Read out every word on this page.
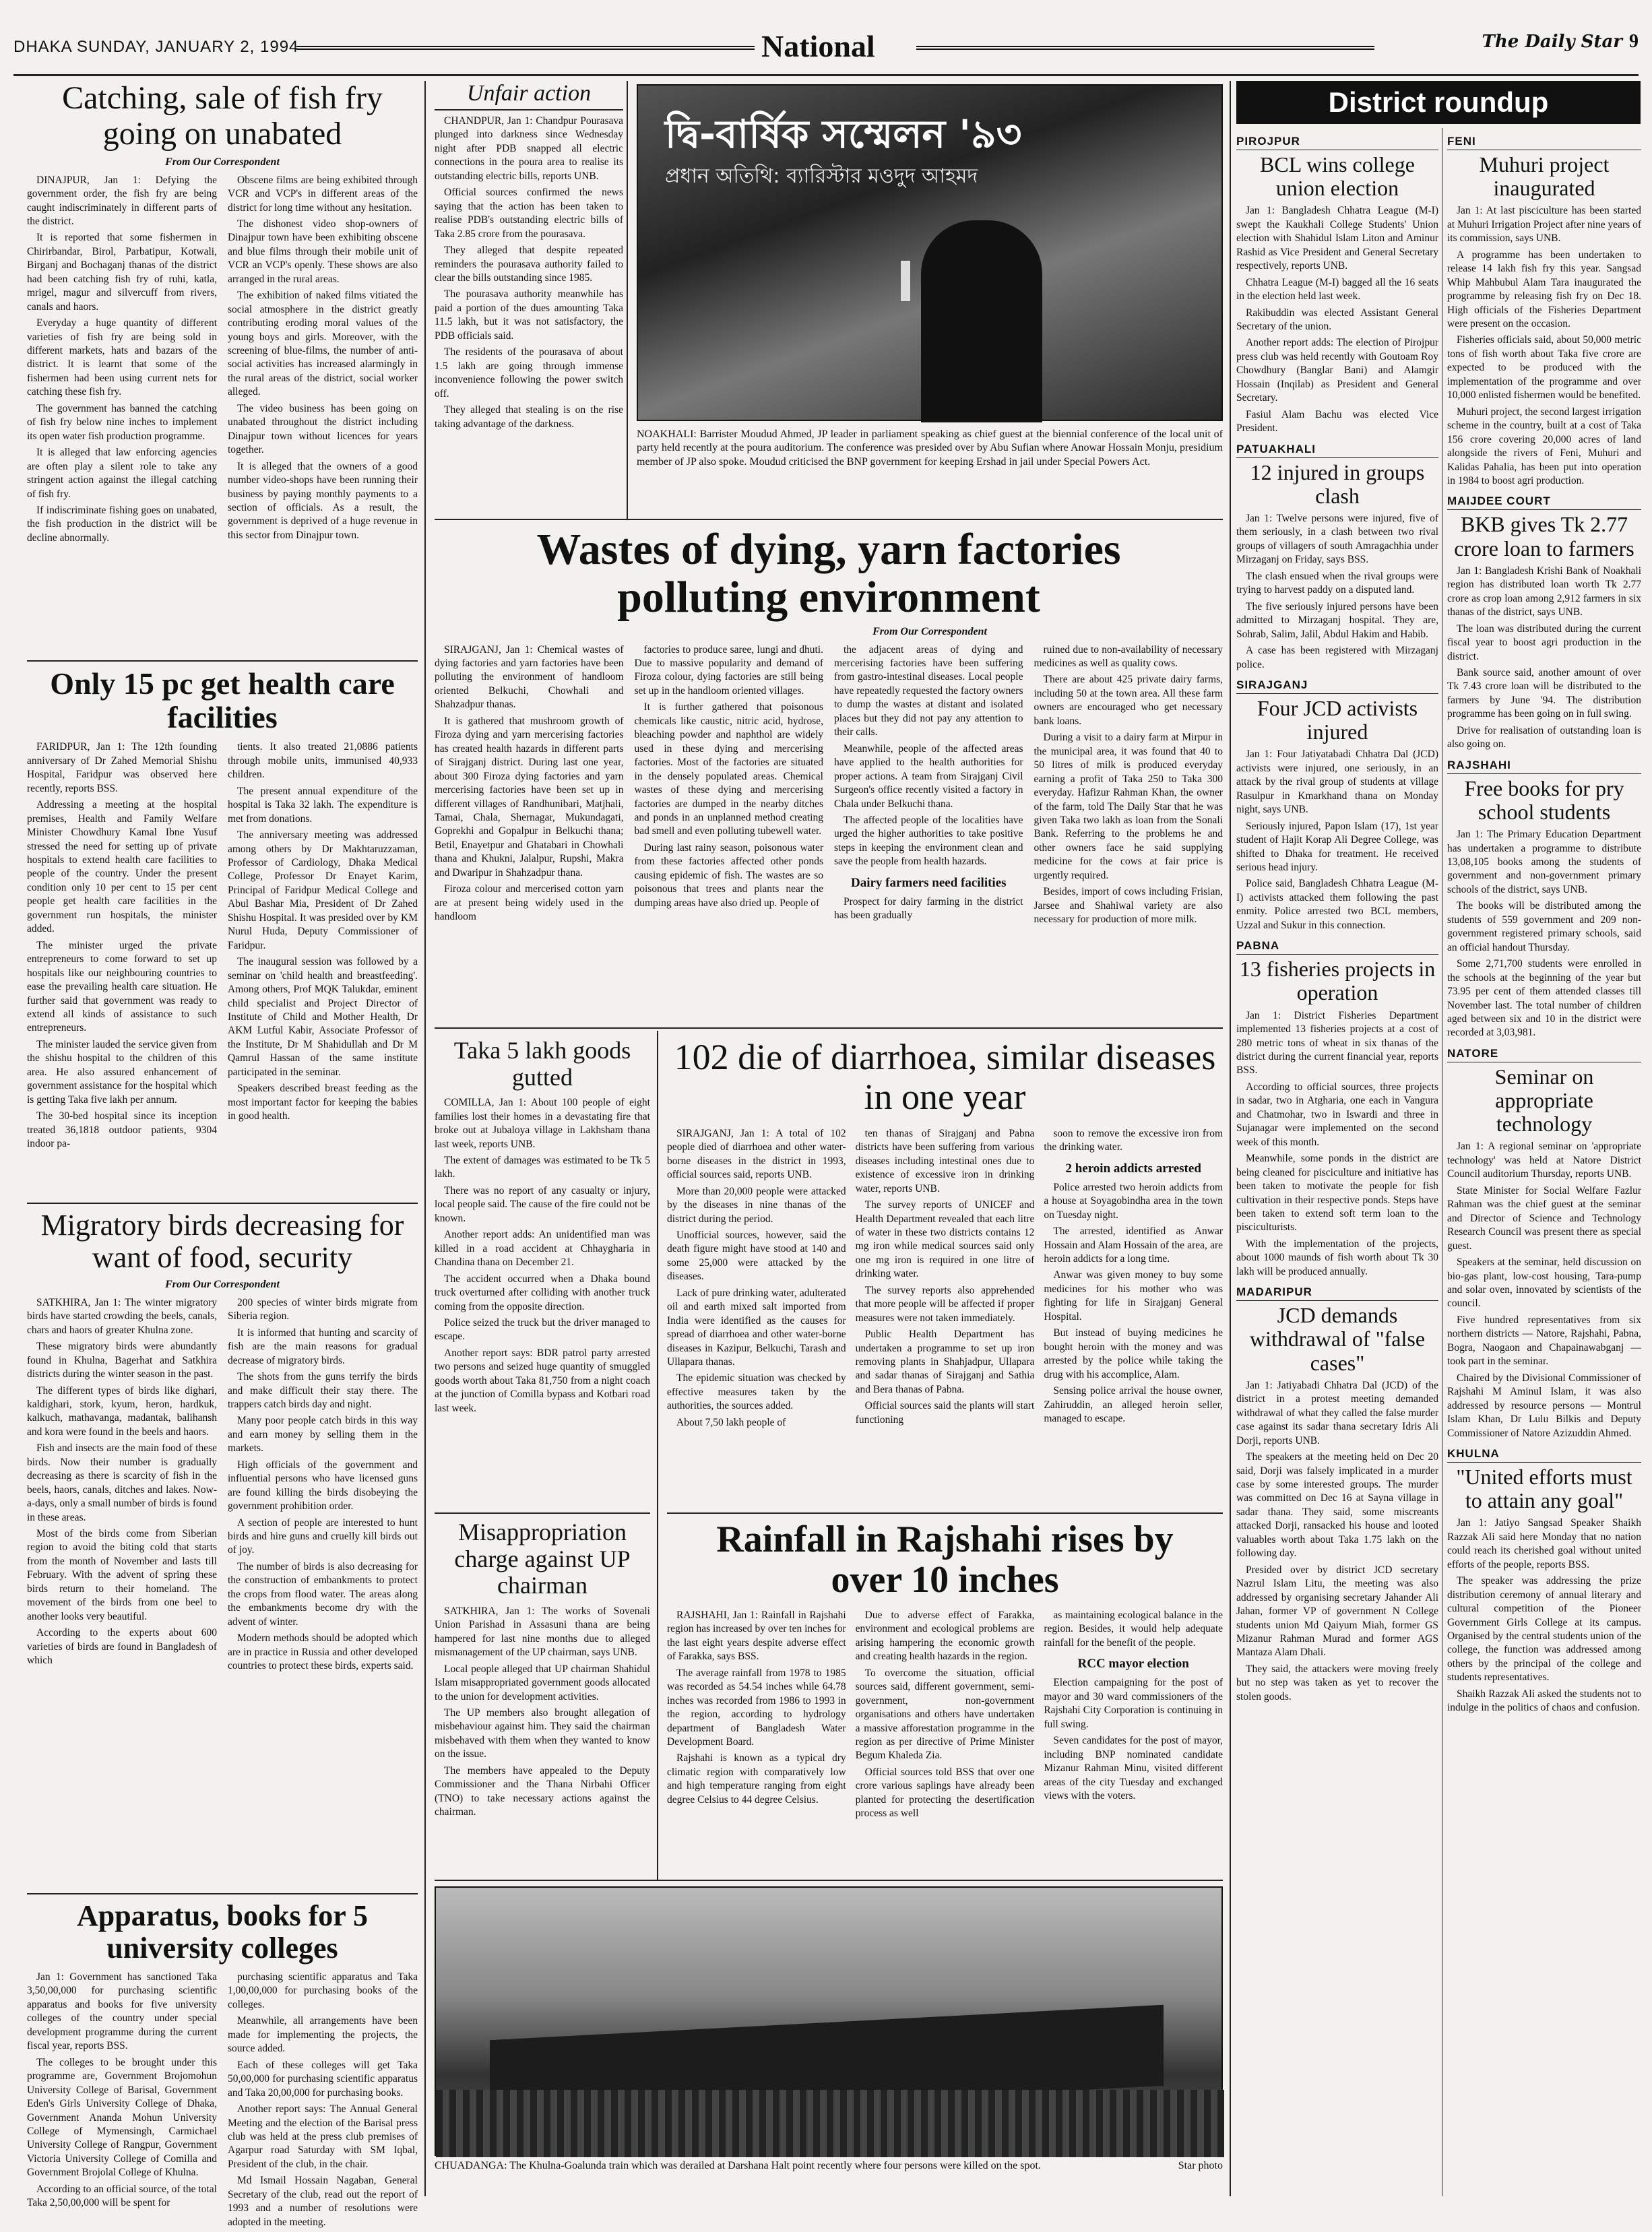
DHAKA SUNDAY, JANUARY 2, 1994	National	The Daily Star 9
Catching, sale of fish fry going on unabated
From Our Correspondent

DINAJPUR, Jan 1: Defying the government order, the fish fry are being caught indiscriminately in different parts of the district.

It is reported that some fishermen in Chirirbandar, Birol, Parbatipur, Kotwali, Birganj and Bochaganj thanas of the district had been catching fish fry of ruhi, katla, mrigel, magur and silvercuff from rivers, canals and haors.

Everyday a huge quantity of different varieties of fish fry are being sold in different markets, hats and bazars of the district. It is learnt that some of the fishermen had been using current nets for catching these fish fry.

The government has banned the catching of fish fry below nine inches to implement its open water fish production programme.

It is alleged that law enforcing agencies are often play a silent role to take any stringent action against the illegal catching of fish fry.

If indiscriminate fishing goes on unabated, the fish production in the district will be decline abnormally.

Obscene films are being exhibited through VCR and VCP's in different areas of the district for long time without any hesitation.

The dishonest video shop-owners of Dinajpur town have been exhibiting obscene and blue films through their mobile unit of VCR an VCP's openly. These shows are also arranged in the rural areas.

The exhibition of naked films vitiated the social atmosphere in the district greatly contributing eroding moral values of the young boys and girls. Moreover, with the screening of blue-films, the number of anti-social activities has increased alarmingly in the rural areas of the district, social worker alleged.

The video business has been going on unabated throughout the district including Dinajpur town without licences for years together.

It is alleged that the owners of a good number video-shops have been running their business by paying monthly payments to a section of officials. As a result, the government is deprived of a huge revenue in this sector from Dinajpur town.

Only 15 pc get health care facilities

FARIDPUR, Jan 1: The 12th founding anniversary of Dr Zahed Memorial Shishu Hospital, Faridpur was observed here recently, reports BSS.

Addressing a meeting at the hospital premises, Health and Family Welfare Minister Chowdhury Kamal Ibne Yusuf stressed the need for setting up of private hospitals to extend health care facilities to people of the country. Under the present condition only 10 per cent to 15 per cent people get health care facilities in the government run hospitals, the minister added.

The minister urged the private entrepreneurs to come forward to set up hospitals like our neighbouring countries to ease the prevailing health care situation. He further said that government was ready to extend all kinds of assistance to such entrepreneurs.

The minister lauded the service given from the shishu hospital to the children of this area. He also assured enhancement of government assistance for the hospital which is getting Taka five lakh per annum.

The 30-bed hospital since its inception treated 36,1818 outdoor patients, 9304 indoor pa-

tients. It also treated 21,0886 patients through mobile units, immunised 40,933 children.

The present annual expenditure of the hospital is Taka 32 lakh. The expenditure is met from donations.

The anniversary meeting was addressed among others by Dr Makhtaruzzaman, Professor of Cardiology, Dhaka Medical College, Professor Dr Enayet Karim, Principal of Faridpur Medical College and Abul Bashar Mia, President of Dr Zahed Shishu Hospital. It was presided over by KM Nurul Huda, Deputy Commissioner of Faridpur.

The inaugural session was followed by a seminar on 'child health and breastfeeding'. Among others, Prof MQK Talukdar, eminent child specialist and Project Director of Institute of Child and Mother Health, Dr AKM Lutful Kabir, Associate Professor of the Institute, Dr M Shahidullah and Dr M Qamrul Hassan of the same institute participated in the seminar.

Speakers described breast feeding as the most important factor for keeping the babies in good health.

Migratory birds decreasing for want of food, security
From Our Correspondent

SATKHIRA, Jan 1: The winter migratory birds have started crowding the beels, canals, chars and haors of greater Khulna zone.

These migratory birds were abundantly found in Khulna, Bagerhat and Satkhira districts during the winter season in the past.

The different types of birds like dighari, kaldighari, stork, kyum, heron, hardkuk, kalkuch, mathavanga, madantak, balihansh and kora were found in the beels and haors.

Fish and insects are the main food of these birds. Now their number is gradually decreasing as there is scarcity of fish in the beels, haors, canals, ditches and lakes. Now-a-days, only a small number of birds is found in these areas.

Most of the birds come from Siberian region to avoid the biting cold that starts from the month of November and lasts till February. With the advent of spring these birds return to their homeland. The movement of the birds from one beel to another looks very beautiful.

According to the experts about 600 varieties of birds are found in Bangladesh of which

200 species of winter birds migrate from Siberia region.

It is informed that hunting and scarcity of fish are the main reasons for gradual decrease of migratory birds.

The shots from the guns terrify the birds and make difficult their stay there. The trappers catch birds day and night.

Many poor people catch birds in this way and earn money by selling them in the markets.

High officials of the government and influential persons who have licensed guns are found killing the birds disobeying the government prohibition order.

A section of people are interested to hunt birds and hire guns and cruelly kill birds out of joy.

The number of birds is also decreasing for the construction of embankments to protect the crops from flood water. The areas along the embankments become dry with the advent of winter.

Modern methods should be adopted which are in practice in Russia and other developed countries to protect these birds, experts said.

Apparatus, books for 5 university colleges

Jan 1: Government has sanctioned Taka 3,50,00,000 for purchasing scientific apparatus and books for five university colleges of the country under special development programme during the current fiscal year, reports BSS.

The colleges to be brought under this programme are, Government Brojomohun University College of Barisal, Government Eden's Girls University College of Dhaka, Government Ananda Mohun University College of Mymensingh, Carmichael University College of Rangpur, Government Victoria University College of Comilla and Government Brojolal College of Khulna.

According to an official source, of the total Taka 2,50,00,000 will be spent for

purchasing scientific apparatus and Taka 1,00,00,000 for purchasing books of the colleges.

Meanwhile, all arrangements have been made for implementing the projects, the source added.

Each of these colleges will get Taka 50,00,000 for purchasing scientific apparatus and Taka 20,00,000 for purchasing books.

Another report says: The Annual General Meeting and the election of the Barisal press club was held at the press club premises of Agarpur road Saturday with SM Iqbal, President of the club, in the chair.

Md Ismail Hossain Nagaban, General Secretary of the club, read out the report of 1993 and a number of resolutions were adopted in the meeting.

Unfair action

CHANDPUR, Jan 1: Chandpur Pourasava plunged into darkness since Wednesday night after PDB snapped all electric connections in the poura area to realise its outstanding electric bills, reports UNB.

Official sources confirmed the news saying that the action has been taken to realise PDB's outstanding electric bills of Taka 2.85 crore from the pourasava.

They alleged that despite repeated reminders the pourasava authority failed to clear the bills outstanding since 1985.

The pourasava authority meanwhile has paid a portion of the dues amounting Taka 11.5 lakh, but it was not satisfactory, the PDB officials said.

The residents of the pourasava of about 1.5 lakh are going through immense inconvenience following the power switch off.

They alleged that stealing is on the rise taking advantage of the darkness.

দ্বি-বার্ষিক সম্মেলন '৯৩
প্রধান অতিথি: ব্যারিস্টার মওদুদ আহমদ
NOAKHALI: Barrister Moudud Ahmed, JP leader in parliament speaking as chief guest at the biennial conference of the local unit of party held recently at the poura auditorium. The conference was presided over by Abu Sufian where Anowar Hossain Monju, presidium member of JP also spoke. Moudud criticised the BNP government for keeping Ershad in jail under Special Powers Act.
Wastes of dying, yarn factories polluting environment
From Our Correspondent

SIRAJGANJ, Jan 1: Chemical wastes of dying factories and yarn factories have been polluting the environment of handloom oriented Belkuchi, Chowhali and Shahzadpur thanas.

It is gathered that mushroom growth of Firoza dying and yarn mercerising factories has created health hazards in different parts of Sirajganj district. During last one year, about 300 Firoza dying factories and yarn mercerising factories have been set up in different villages of Randhunibari, Matjhali, Tamai, Chala, Shernagar, Mukundagati, Goprekhi and Gopalpur in Belkuchi thana; Betil, Enayetpur and Ghatabari in Chowhali thana and Khukni, Jalalpur, Rupshi, Makra and Dwaripur in Shahzadpur thana.

Firoza colour and mercerised cotton yarn are at present being widely used in the handloom

factories to produce saree, lungi and dhuti. Due to massive popularity and demand of Firoza colour, dying factories are still being set up in the handloom oriented villages.

It is further gathered that poisonous chemicals like caustic, nitric acid, hydrose, bleaching powder and naphthol are widely used in these dying and mercerising factories. Most of the factories are situated in the densely populated areas. Chemical wastes of these dying and mercerising factories are dumped in the nearby ditches and ponds in an unplanned method creating bad smell and even polluting tubewell water.

During last rainy season, poisonous water from these factories affected other ponds causing epidemic of fish. The wastes are so poisonous that trees and plants near the dumping areas have also dried up. People of

the adjacent areas of dying and mercerising factories have been suffering from gastro-intestinal diseases. Local people have repeatedly requested the factory owners to dump the wastes at distant and isolated places but they did not pay any attention to their calls.

Meanwhile, people of the affected areas have applied to the health authorities for proper actions. A team from Sirajganj Civil Surgeon's office recently visited a factory in Chala under Belkuchi thana.

The affected people of the localities have urged the higher authorities to take positive steps in keeping the environment clean and save the people from health hazards.

Dairy farmers need facilities

Prospect for dairy farming in the district has been gradually

ruined due to non-availability of necessary medicines as well as quality cows.

There are about 425 private dairy farms, including 50 at the town area. All these farm owners are encouraged who get necessary bank loans.

During a visit to a dairy farm at Mirpur in the municipal area, it was found that 40 to 50 litres of milk is produced everyday earning a profit of Taka 250 to Taka 300 everyday. Hafizur Rahman Khan, the owner of the farm, told The Daily Star that he was given Taka two lakh as loan from the Sonali Bank. Referring to the problems he and other owners face he said supplying medicine for the cows at fair price is urgently required.

Besides, import of cows including Frisian, Jarsee and Shahiwal variety are also necessary for production of more milk.

Taka 5 lakh goods gutted

COMILLA, Jan 1: About 100 people of eight families lost their homes in a devastating fire that broke out at Jubaloya village in Lakhsham thana last week, reports UNB.

The extent of damages was estimated to be Tk 5 lakh.

There was no report of any casualty or injury, local people said. The cause of the fire could not be known.

Another report adds: An unidentified man was killed in a road accident at Chhaygharia in Chandina thana on December 21.

The accident occurred when a Dhaka bound truck overturned after colliding with another truck coming from the opposite direction.

Police seized the truck but the driver managed to escape.

Another report says: BDR patrol party arrested two persons and seized huge quantity of smuggled goods worth about Taka 81,750 from a night coach at the junction of Comilla bypass and Kotbari road last week.

Misappropriation charge against UP chairman

SATKHIRA, Jan 1: The works of Sovenali Union Parishad in Assasuni thana are being hampered for last nine months due to alleged mismanagement of the UP chairman, says UNB.

Local people alleged that UP chairman Shahidul Islam misappropriated government goods allocated to the union for development activities.

The UP members also brought allegation of misbehaviour against him. They said the chairman misbehaved with them when they wanted to know on the issue.

The members have appealed to the Deputy Commissioner and the Thana Nirbahi Officer (TNO) to take necessary actions against the chairman.

102 die of diarrhoea, similar diseases in one year

SIRAJGANJ, Jan 1: A total of 102 people died of diarrhoea and other water-borne diseases in the district in 1993, official sources said, reports UNB.

More than 20,000 people were attacked by the diseases in nine thanas of the district during the period.

Unofficial sources, however, said the death figure might have stood at 140 and some 25,000 were attacked by the diseases.

Lack of pure drinking water, adulterated oil and earth mixed salt imported from India were identified as the causes for spread of diarrhoea and other water-borne diseases in Kazipur, Belkuchi, Tarash and Ullapara thanas.

The epidemic situation was checked by effective measures taken by the authorities, the sources added.

About 7,50 lakh people of

ten thanas of Sirajganj and Pabna districts have been suffering from various diseases including intestinal ones due to existence of excessive iron in drinking water, reports UNB.

The survey reports of UNICEF and Health Department revealed that each litre of water in these two districts contains 12 mg iron while medical sources said only one mg iron is required in one litre of drinking water.

The survey reports also apprehended that more people will be affected if proper measures were not taken immediately.

Public Health Department has undertaken a programme to set up iron removing plants in Shahjadpur, Ullapara and sadar thanas of Sirajganj and Sathia and Bera thanas of Pabna.

Official sources said the plants will start functioning

soon to remove the excessive iron from the drinking water.

2 heroin addicts arrested

Police arrested two heroin addicts from a house at Soyagobindha area in the town on Tuesday night.

The arrested, identified as Anwar Hossain and Alam Hossain of the area, are heroin addicts for a long time.

Anwar was given money to buy some medicines for his mother who was fighting for life in Sirajganj General Hospital.

But instead of buying medicines he bought heroin with the money and was arrested by the police while taking the drug with his accomplice, Alam.

Sensing police arrival the house owner, Zahiruddin, an alleged heroin seller, managed to escape.

Rainfall in Rajshahi rises by over 10 inches

RAJSHAHI, Jan 1: Rainfall in Rajshahi region has increased by over ten inches for the last eight years despite adverse effect of Farakka, says BSS.

The average rainfall from 1978 to 1985 was recorded as 54.54 inches while 64.78 inches was recorded from 1986 to 1993 in the region, according to hydrology department of Bangladesh Water Development Board.

Rajshahi is known as a typical dry climatic region with comparatively low and high temperature ranging from eight degree Celsius to 44 degree Celsius.

Due to adverse effect of Farakka, environment and ecological problems are arising hampering the economic growth and creating health hazards in the region.

To overcome the situation, official sources said, different government, semi-government, non-government organisations and others have undertaken a massive afforestation programme in the region as per directive of Prime Minister Begum Khaleda Zia.

Official sources told BSS that over one crore various saplings have already been planted for protecting the desertification process as well

as maintaining ecological balance in the region. Besides, it would help adequate rainfall for the benefit of the people.

RCC mayor election

Election campaigning for the post of mayor and 30 ward commissioners of the Rajshahi City Corporation is continuing in full swing.

Seven candidates for the post of mayor, including BNP nominated candidate Mizanur Rahman Minu, visited different areas of the city Tuesday and exchanged views with the voters.

CHUADANGA: The Khulna-Goalunda train which was derailed at Darshana Halt point recently where four persons were killed on the spot.	Star photo
District roundup
PIROJPUR
BCL wins college union election

Jan 1: Bangladesh Chhatra League (M-I) swept the Kaukhali College Students' Union election with Shahidul Islam Liton and Aminur Rashid as Vice President and General Secretary respectively, reports UNB.

Chhatra League (M-I) bagged all the 16 seats in the election held last week.

Rakibuddin was elected Assistant General Secretary of the union.

Another report adds: The election of Pirojpur press club was held recently with Goutoam Roy Chowdhury (Banglar Bani) and Alamgir Hossain (Inqilab) as President and General Secretary.

Fasiul Alam Bachu was elected Vice President.

PATUAKHALI
12 injured in groups clash

Jan 1: Twelve persons were injured, five of them seriously, in a clash between two rival groups of villagers of south Amragachhia under Mirzaganj on Friday, says BSS.

The clash ensued when the rival groups were trying to harvest paddy on a disputed land.

The five seriously injured persons have been admitted to Mirzaganj hospital. They are, Sohrab, Salim, Jalil, Abdul Hakim and Habib.

A case has been registered with Mirzaganj police.

SIRAJGANJ
Four JCD activists injured

Jan 1: Four Jatiyatabadi Chhatra Dal (JCD) activists were injured, one seriously, in an attack by the rival group of students at village Rasulpur in Kmarkhand thana on Monday night, says UNB.

Seriously injured, Papon Islam (17), 1st year student of Hajit Korap Ali Degree College, was shifted to Dhaka for treatment. He received serious head injury.

Police said, Bangladesh Chhatra League (M-I) activists attacked them following the past enmity. Police arrested two BCL members, Uzzal and Sukur in this connection.

PABNA
13 fisheries projects in operation

Jan 1: District Fisheries Department implemented 13 fisheries projects at a cost of 280 metric tons of wheat in six thanas of the district during the current financial year, reports BSS.

According to official sources, three projects in sadar, two in Atgharia, one each in Vangura and Chatmohar, two in Iswardi and three in Sujanagar were implemented on the second week of this month.

Meanwhile, some ponds in the district are being cleaned for pisciculture and initiative has been taken to motivate the people for fish cultivation in their respective ponds. Steps have been taken to extend soft term loan to the pisciculturists.

With the implementation of the projects, about 1000 maunds of fish worth about Tk 30 lakh will be produced annually.

MADARIPUR
JCD demands withdrawal of "false cases"

Jan 1: Jatiyabadi Chhatra Dal (JCD) of the district in a protest meeting demanded withdrawal of what they called the false murder case against its sadar thana secretary Idris Ali Dorji, reports UNB.

The speakers at the meeting held on Dec 20 said, Dorji was falsely implicated in a murder case by some interested groups. The murder was committed on Dec 16 at Sayna village in sadar thana. They said, some miscreants attacked Dorji, ransacked his house and looted valuables worth about Taka 1.75 lakh on the following day.

Presided over by district JCD secretary Nazrul Islam Litu, the meeting was also addressed by organising secretary Jahander Ali Jahan, former VP of government N College students union Md Qaiyum Miah, former GS Mizanur Rahman Murad and former AGS Mantaza Alam Dhali.

They said, the attackers were moving freely but no step was taken as yet to recover the stolen goods.

FENI
Muhuri project inaugurated

Jan 1: At last pisciculture has been started at Muhuri Irrigation Project after nine years of its commission, says UNB.

A programme has been undertaken to release 14 lakh fish fry this year. Sangsad Whip Mahbubul Alam Tara inaugurated the programme by releasing fish fry on Dec 18. High officials of the Fisheries Department were present on the occasion.

Fisheries officials said, about 50,000 metric tons of fish worth about Taka five crore are expected to be produced with the implementation of the programme and over 10,000 enlisted fishermen would be benefited.

Muhuri project, the second largest irrigation scheme in the country, built at a cost of Taka 156 crore covering 20,000 acres of land alongside the rivers of Feni, Muhuri and Kalidas Pahalia, has been put into operation in 1984 to boost agri production.

MAIJDEE COURT
BKB gives Tk 2.77 crore loan to farmers

Jan 1: Bangladesh Krishi Bank of Noakhali region has distributed loan worth Tk 2.77 crore as crop loan among 2,912 farmers in six thanas of the district, says UNB.

The loan was distributed during the current fiscal year to boost agri production in the district.

Bank source said, another amount of over Tk 7.43 crore loan will be distributed to the farmers by June '94. The distribution programme has been going on in full swing.

Drive for realisation of outstanding loan is also going on.

RAJSHAHI
Free books for pry school students

Jan 1: The Primary Education Department has undertaken a programme to distribute 13,08,105 books among the students of government and non-government primary schools of the district, says UNB.

The books will be distributed among the students of 559 government and 209 non-government registered primary schools, said an official handout Thursday.

Some 2,71,700 students were enrolled in the schools at the beginning of the year but 73.95 per cent of them attended classes till November last. The total number of children aged between six and 10 in the district were recorded at 3,03,981.

NATORE
Seminar on appropriate technology

Jan 1: A regional seminar on 'appropriate technology' was held at Natore District Council auditorium Thursday, reports UNB.

State Minister for Social Welfare Fazlur Rahman was the chief guest at the seminar and Director of Science and Technology Research Council was present there as special guest.

Speakers at the seminar, held discussion on bio-gas plant, low-cost housing, Tara-pump and solar oven, innovated by scientists of the council.

Five hundred representatives from six northern districts — Natore, Rajshahi, Pabna, Bogra, Naogaon and Chapainawabganj — took part in the seminar.

Chaired by the Divisional Commissioner of Rajshahi M Aminul Islam, it was also addressed by resource persons — Montrul Islam Khan, Dr Lulu Bilkis and Deputy Commissioner of Natore Azizuddin Ahmed.

KHULNA
"United efforts must to attain any goal"

Jan 1: Jatiyo Sangsad Speaker Shaikh Razzak Ali said here Monday that no nation could reach its cherished goal without united efforts of the people, reports BSS.

The speaker was addressing the prize distribution ceremony of annual literary and cultural competition of the Pioneer Government Girls College at its campus. Organised by the central students union of the college, the function was addressed among others by the principal of the college and students representatives.

Shaikh Razzak Ali asked the students not to indulge in the politics of chaos and confusion.
